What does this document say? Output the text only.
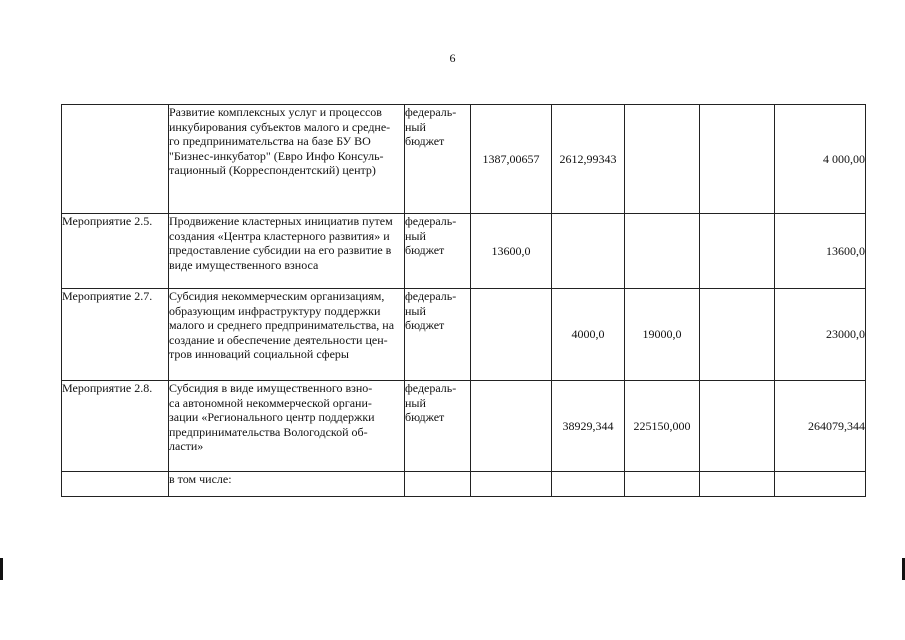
6

	Развитие комплексных услуг и процессов
инкубирования субъектов малого и средне-
го предпринимательства на базе БУ ВО
"Бизнес-инкубатор" (Евро Инфо Консуль-
тационный (Корреспондентский) центр)	федераль-
ный
бюджет	1387,00657	2612,99343			4 000,00
Мероприятие 2.5.	Продвижение кластерных инициатив путем
создания «Центра кластерного развития» и
предоставление субсидии на его развитие в
виде имущественного взноса	федераль-
ный
бюджет	13600,0				13600,0
Мероприятие 2.7.	Субсидия некоммерческим организациям,
образующим инфраструктуру поддержки
малого и среднего предпринимательства, на
создание и обеспечение деятельности цен-
тров инноваций социальной сферы	федераль-
ный
бюджет		4000,0	19000,0		23000,0
Мероприятие 2.8.	Субсидия в виде имущественного взно-
са автономной некоммерческой органи-
зации «Регионального центр поддержки
предпринимательства Вологодской об-
ласти»	федераль-
ный
бюджет		38929,344	225150,000		264079,344

	в том числе:						
